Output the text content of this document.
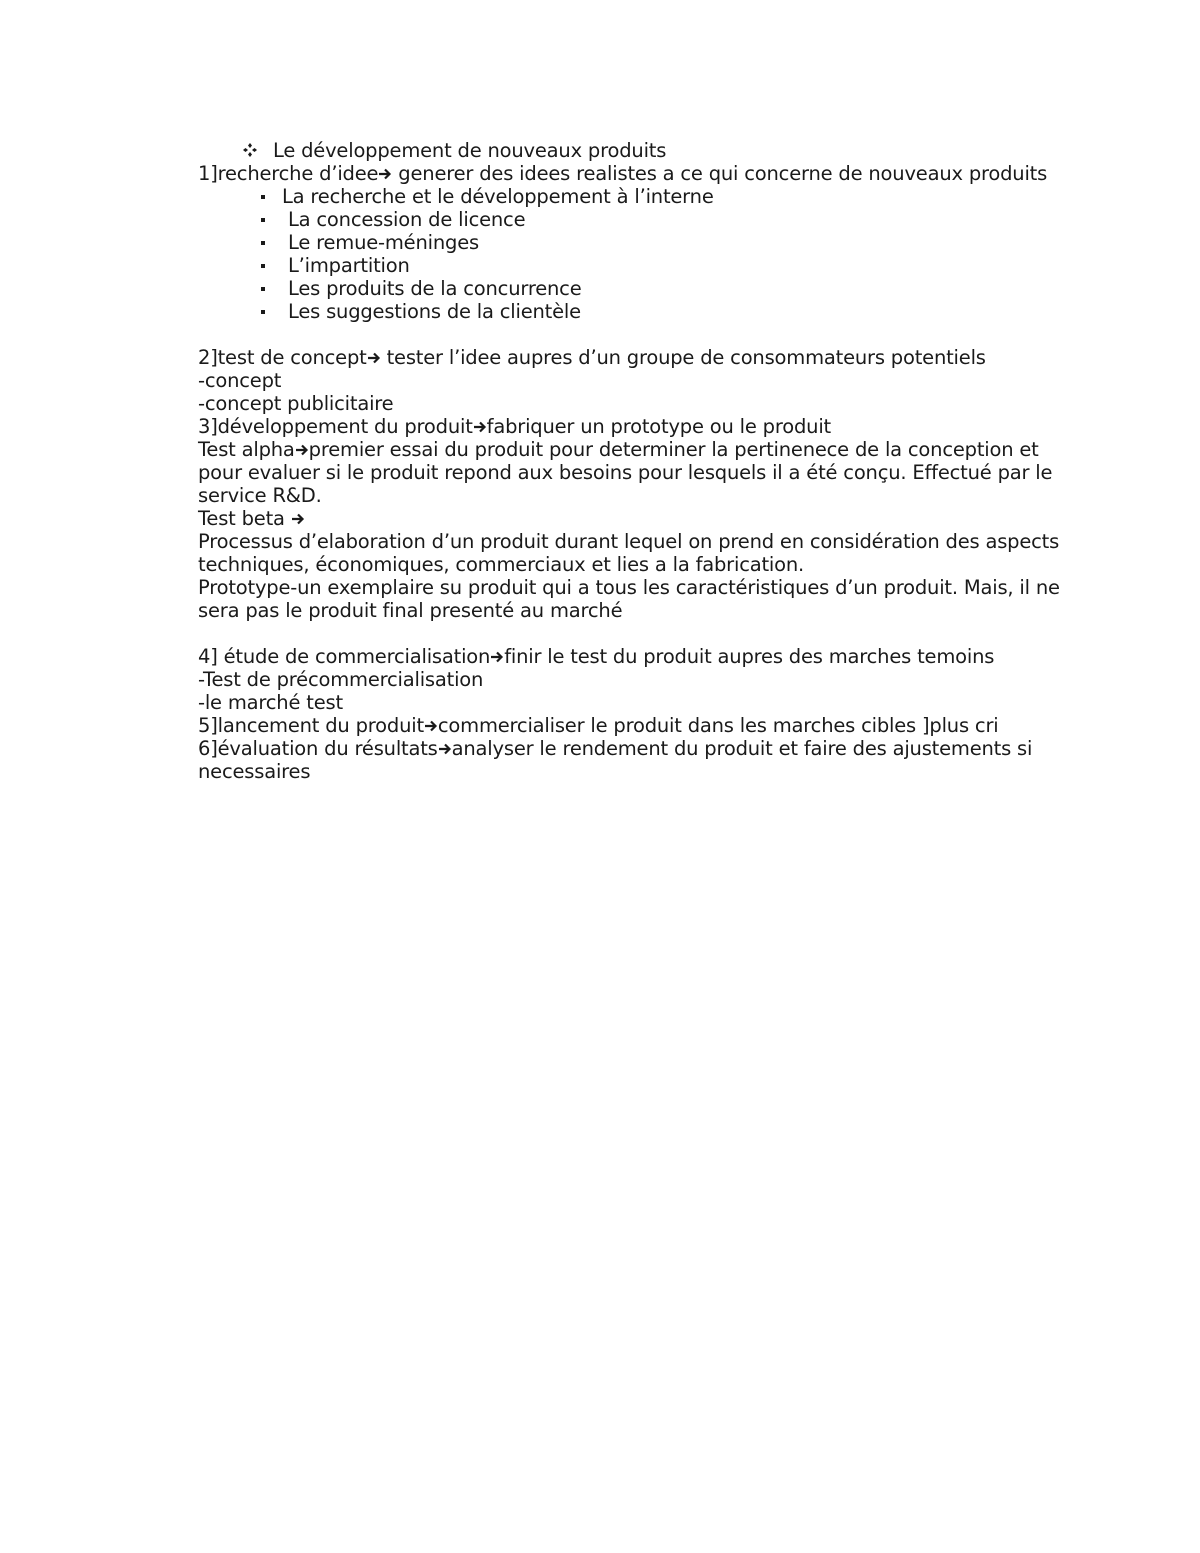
Le développement de nouveaux produits
1]recherche d’idee generer des idees realistes a ce qui concerne de nouveaux produits
La recherche et le développement à l’interne
La concession de licence
Le remue-méninges
L’impartition
Les produits de la concurrence
Les suggestions de la clientèle
2]test de concept tester l’idee aupres d’un groupe de consommateurs potentiels
-concept
-concept publicitaire
3]développement du produit fabriquer un prototype ou le produit
Test alpha premier essai du produit pour determiner la pertinenece de la conception et pour evaluer si le produit repond aux besoins pour lesquels il a été conçu. Effectué par le service R&D.
Test beta
Processus d’elaboration d’un produit durant lequel on prend en considération des aspects techniques, économiques, commerciaux et lies a la fabrication.
Prototype-un exemplaire su produit qui a tous les caractéristiques d’un produit. Mais, il ne sera pas le produit final presenté au marché
4] étude de commercialisation finir le test du produit aupres des marches temoins
-Test de précommercialisation
-le marché test
5]lancement du produit commercialiser le produit dans les marches cibles ]plus cri
6]évaluation du résultats analyser le rendement du produit et faire des ajustements si necessaires
